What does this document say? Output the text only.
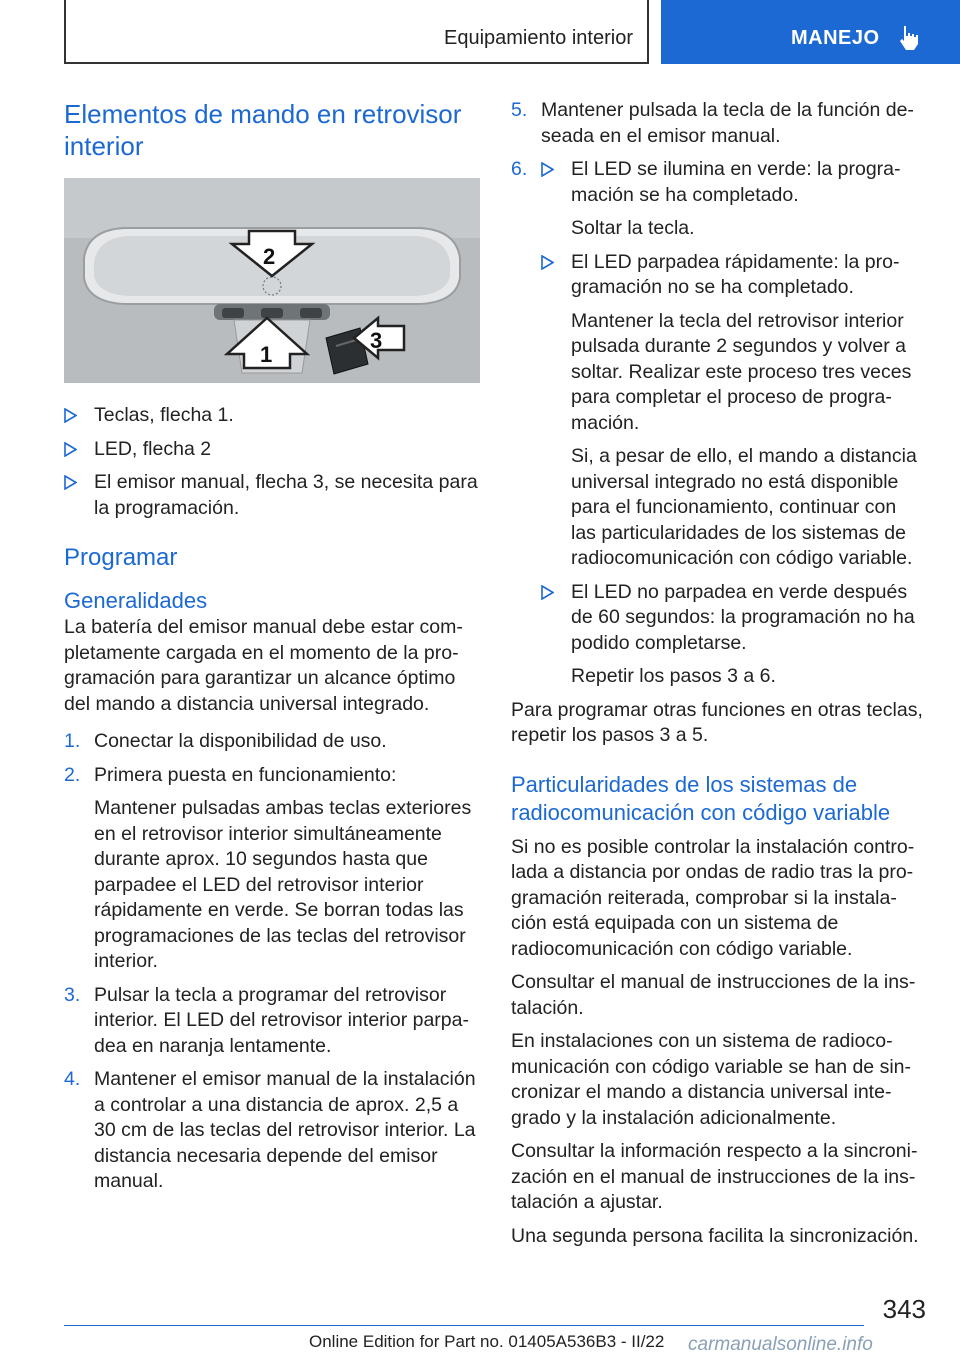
Equipamiento interior	MANEJO
Elementos de mando en retrovisor interior
2
1
3
Teclas, flecha 1.
LED, flecha 2
El emisor manual, flecha 3, se necesita para la programación.
Programar
Generalidades

La batería del emisor manual debe estar completamente cargada en el momento de la programación para garantizar un alcance óptimo del mando a distancia universal integrado.

1. Conectar la disponibilidad de uso.
2. Primera puesta en funcionamiento:

Mantener pulsadas ambas teclas exteriores en el retrovisor interior simultáneamente durante aprox. 10 segundos hasta que parpadee el LED del retrovisor interior rápidamente en verde. Se borran todas las programaciones de las teclas del retrovisor interior.

3. Pulsar la tecla a programar del retrovisor interior. El LED del retrovisor interior parpadea en naranja lentamente.
4. Mantener el emisor manual de la instalación a controlar a una distancia de aprox. 2,5 a 30 cm de las teclas del retrovisor interior. La distancia necesaria depende del emisor manual.
5. Mantener pulsada la tecla de la función deseada en el emisor manual.
6. El LED se ilumina en verde: la programación se ha completado.

Soltar la tecla.

El LED parpadea rápidamente: la programación no se ha completado.

Mantener la tecla del retrovisor interior pulsada durante 2 segundos y volver a soltar. Realizar este proceso tres veces para completar el proceso de programación.

Si, a pesar de ello, el mando a distancia universal integrado no está disponible para el funcionamiento, continuar con las particularidades de los sistemas de radiocomunicación con código variable.

El LED no parpadea en verde después de 60 segundos: la programación no ha podido completarse.

Repetir los pasos 3 a 6.

Para programar otras funciones en otras teclas, repetir los pasos 3 a 5.

Particularidades de los sistemas de radiocomunicación con código variable

Si no es posible controlar la instalación controlada a distancia por ondas de radio tras la programación reiterada, comprobar si la instalación está equipada con un sistema de radiocomunicación con código variable.

Consultar el manual de instrucciones de la instalación.

En instalaciones con un sistema de radiocomunicación con código variable se han de sincronizar el mando a distancia universal integrado y la instalación adicionalmente.

Consultar la información respecto a la sincronización en el manual de instrucciones de la instalación a ajustar.

Una segunda persona facilita la sincronización.

343
Online Edition for Part no. 01405A536B3 - II/22 carmanualsonline.info
